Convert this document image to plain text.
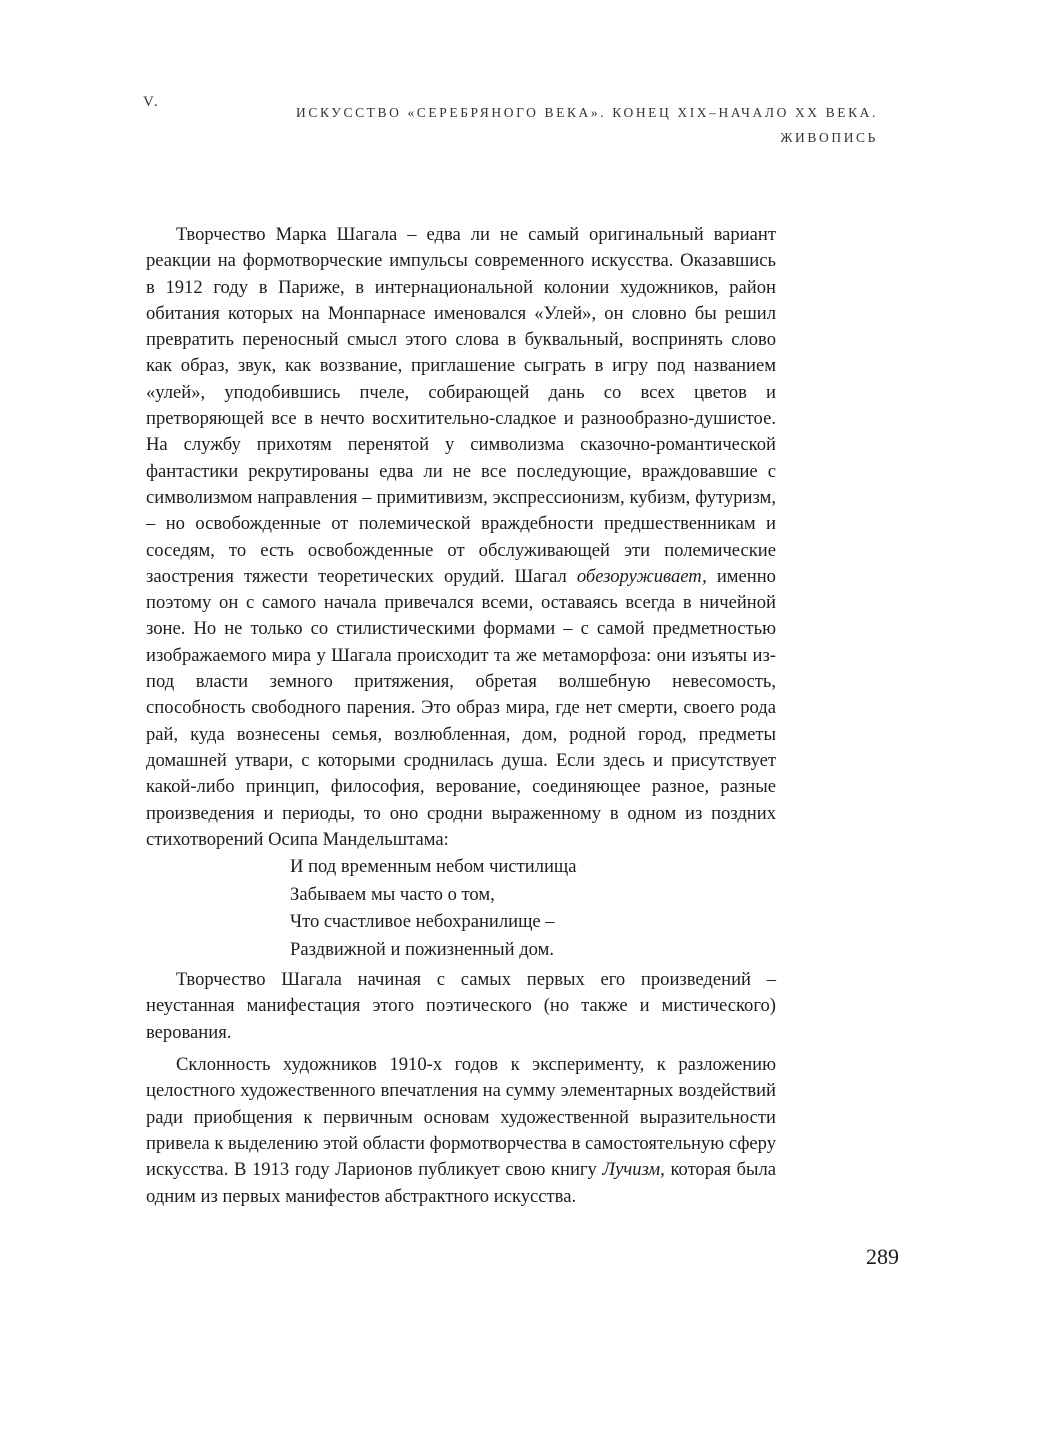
V.
ИСКУССТВО «СЕРЕБРЯНОГО ВЕКА». КОНЕЦ XIX–НАЧАЛО XX ВЕКА.
ЖИВОПИСЬ

Творчество Марка Шагала – едва ли не самый оригинальный вариант реакции на формотворческие импульсы современного искусства. Оказавшись в 1912 году в Париже, в интернациональной колонии художников, район обитания которых на Монпарнасе именовался «Улей», он словно бы решил превратить переносный смысл этого слова в буквальный, воспринять слово как образ, звук, как воззвание, приглашение сыграть в игру под названием «улей», уподобившись пчеле, собирающей дань со всех цветов и претворяющей все в нечто восхитительно-сладкое и разнообразно-душистое. На службу прихотям перенятой у символизма сказочно-романтической фантастики рекрутированы едва ли не все последующие, враждовавшие с символизмом направления – примитивизм, экспрессионизм, кубизм, футуризм, – но освобожденные от полемической враждебности предшественникам и соседям, то есть освобожденные от обслуживающей эти полемические заострения тяжести теоретических орудий. Шагал обезоруживает, именно поэтому он с самого начала привечался всеми, оставаясь всегда в ничейной зоне. Но не только со стилистическими формами – с самой предметностью изображаемого мира у Шагала происходит та же метаморфоза: они изъяты из-под власти земного притяжения, обретая волшебную невесомость, способность свободного парения. Это образ мира, где нет смерти, своего рода рай, куда вознесены семья, возлюбленная, дом, родной город, предметы домашней утвари, с которыми сроднилась душа. Если здесь и присутствует какой-либо принцип, философия, верование, соединяющее разное, разные произведения и периоды, то оно сродни выраженному в одном из поздних стихотворений Осипа Мандельштама:

И под временным небом чистилища
Забываем мы часто о том,
Что счастливое небохранилище –
Раздвижной и пожизненный дом.

Творчество Шагала начиная с самых первых его произведений – неустанная манифестация этого поэтического (но также и мистического) верования.

Склонность художников 1910-х годов к эксперименту, к разложению целостного художественного впечатления на сумму элементарных воздействий ради приобщения к первичным основам художественной выразительности привела к выделению этой области формотворчества в самостоятельную сферу искусства. В 1913 году Ларионов публикует свою книгу Лучизм, которая была одним из первых манифестов абстрактного искусства.

289
